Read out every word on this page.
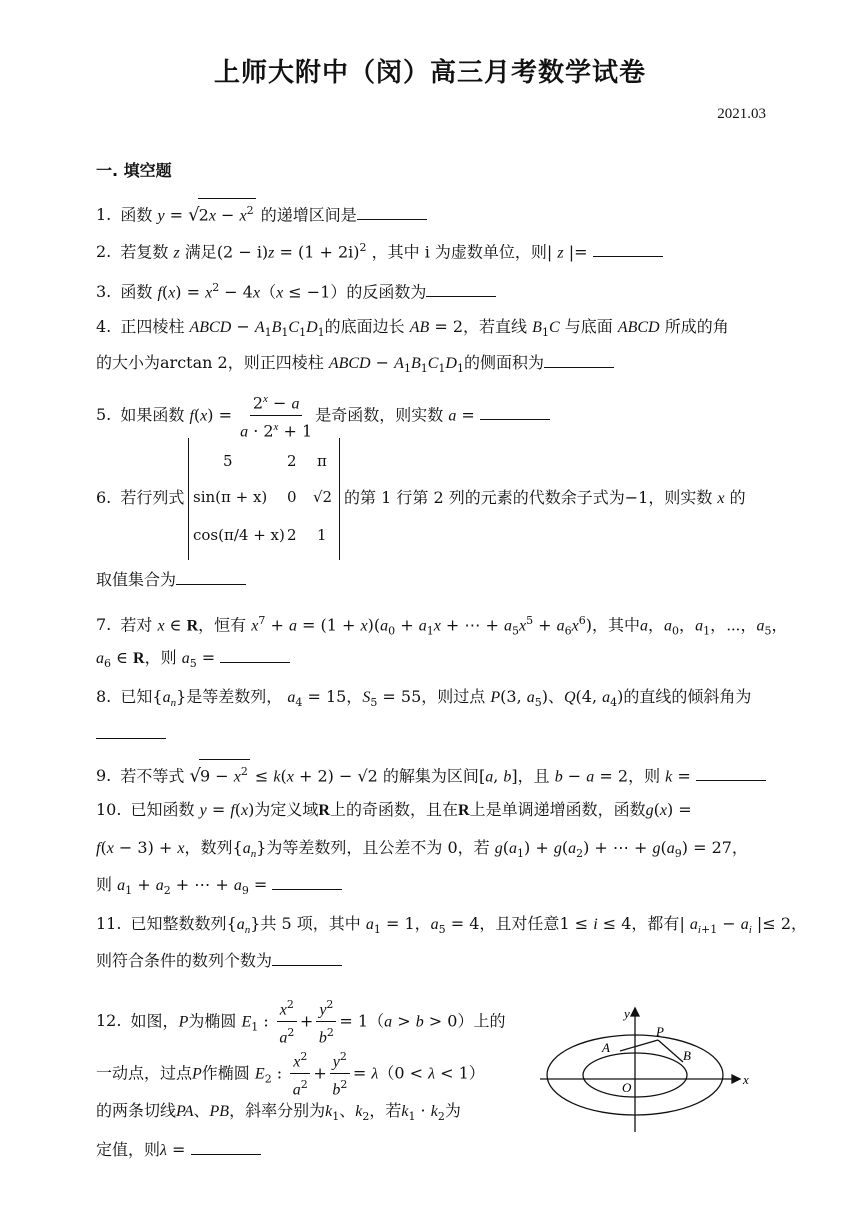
上师大附中（闵）高三月考数学试卷
2021.03
一. 填空题
1. 函数 $y = √2x - x^2$ 的递增区间是
2. 若复数 z 满足$(2 - i)z = (1 + 2i)^2$ ，其中 i 为虚数单位，则| z |=
3. 函数 $f(x) = x^2 - 4x(x \le -1)$的反函数为
4. 正四棱柱 ABCD − $A_1B_1C_1D_1$的底面边长 AB = 2，若直线 $B_1C$ 与底面 ABCD 所成的角
的大小为arctan 2，则正四棱柱 ABCD − $A_1B_1C_1D_1$的侧面积为
5. 如果函数 $f(x) = \frac{2^x - a}{a \cdot 2^x + 1}$ 是奇函数，则实数 a =
6. 若行列式
5	2 π
sin(π + x) 0 √2
cos(π/4 + x) 2 1
的第 1 行第 2 列的元素的代数余子式为−1，则实数 x 的
取值集合为
7. 若对 x ∈ R，恒有 $x^7 + a = (1 + x)(a_0 + a_1x$ + ⋯ + $a_5x^5 + a_6x^6$)，其中a，$a_0$，$a_1$，⋯，$a_5$，
$a_6$ ∈ R，则 $a_5$ =
8. 已知$\{a_n\}$是等差数列， $a_4 = 15$，$S_5 = 55$，则过点 P(3, $a_5$)、Q(4, $a_4$)的直线的倾斜角为
9. 若不等式 $√9 - x^2 \le k(x + 2) - √2$ 的解集为区间[a, b]，且 b − a = 2，则 k =
10. 已知函数 y = f(x)为定义域R上的奇函数，且在R上是单调递增函数，函数g(x) =
f(x − 3) + x，数列$\{a_n\}$为等差数列，且公差不为 0，若 $g(a_1) + g(a_2)$ + ⋯ + $g(a_9) = 27$，
则 $a_1 + a_2$ + ⋯ + $a_9$ =
11. 已知整数数列$\{a_n\}$共 5 项，其中 $a_1 = 1$，$a_5 = 4$，且对任意1 ≤ i ≤ 4，都有| $a_{i+1} - a_i$ |≤ 2，
则符合条件的数列个数为
12. 如图，P为椭圆 $E_1$ : $\frac{x^2}{a^2} + \frac{y^2}{b^2} = 1(a > b > 0)$上的
一动点，过点P作椭圆 $E_2$ : $\frac{x^2}{a^2} + \frac{y^2}{b^2} = \lambda(0 < \lambda < 1)$
的两条切线PA、PB，斜率分别为$k_1$、$k_2$，若$k_1 \cdot k_2$为
定值，则λ =
y
x
O
P
A
B
